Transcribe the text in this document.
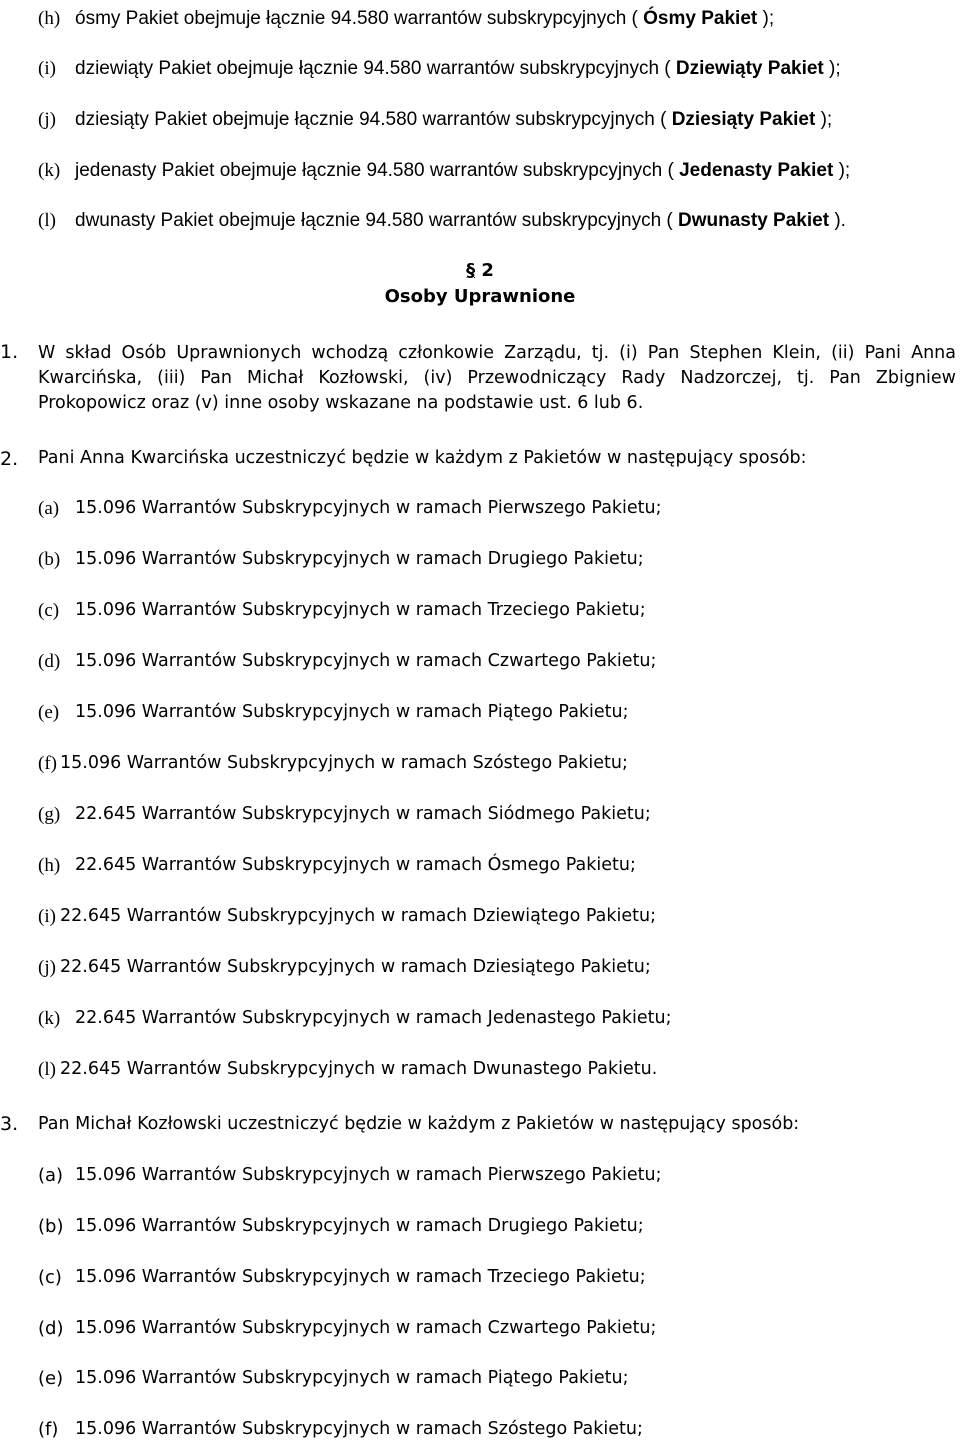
(h) ósmy Pakiet obejmuje łącznie 94.580 warrantów subskrypcyjnych ( Ósmy Pakiet );
(i) dziewiąty Pakiet obejmuje łącznie 94.580 warrantów subskrypcyjnych ( Dziewiąty Pakiet );
(j) dziesiąty Pakiet obejmuje łącznie 94.580 warrantów subskrypcyjnych ( Dziesiąty Pakiet );
(k) jedenasty Pakiet obejmuje łącznie 94.580 warrantów subskrypcyjnych ( Jedenasty Pakiet );
(l) dwunasty Pakiet obejmuje łącznie 94.580 warrantów subskrypcyjnych ( Dwunasty Pakiet ).
§ 2
Osoby Uprawnione
1. W skład Osób Uprawnionych wchodzą członkowie Zarządu, tj. (i) Pan Stephen Klein, (ii) Pani Anna Kwarcińska, (iii) Pan Michał Kozłowski, (iv) Przewodniczący Rady Nadzorczej, tj. Pan Zbigniew Prokopowicz oraz (v) inne osoby wskazane na podstawie ust. 6 lub 6.
2. Pani Anna Kwarcińska uczestniczyć będzie w każdym z Pakietów w następujący sposób:
(a) 15.096 Warrantów Subskrypcyjnych w ramach Pierwszego Pakietu;
(b) 15.096 Warrantów Subskrypcyjnych w ramach Drugiego Pakietu;
(c) 15.096 Warrantów Subskrypcyjnych w ramach Trzeciego Pakietu;
(d) 15.096 Warrantów Subskrypcyjnych w ramach Czwartego Pakietu;
(e) 15.096 Warrantów Subskrypcyjnych w ramach Piątego Pakietu;
(f) 15.096 Warrantów Subskrypcyjnych w ramach Szóstego Pakietu;
(g) 22.645 Warrantów Subskrypcyjnych w ramach Siódmego Pakietu;
(h) 22.645 Warrantów Subskrypcyjnych w ramach Ósmego Pakietu;
(i) 22.645 Warrantów Subskrypcyjnych w ramach Dziewiątego Pakietu;
(j) 22.645 Warrantów Subskrypcyjnych w ramach Dziesiątego Pakietu;
(k) 22.645 Warrantów Subskrypcyjnych w ramach Jedenastego Pakietu;
(l) 22.645 Warrantów Subskrypcyjnych w ramach Dwunastego Pakietu.
3. Pan Michał Kozłowski uczestniczyć będzie w każdym z Pakietów w następujący sposób:
(a) 15.096 Warrantów Subskrypcyjnych w ramach Pierwszego Pakietu;
(b) 15.096 Warrantów Subskrypcyjnych w ramach Drugiego Pakietu;
(c) 15.096 Warrantów Subskrypcyjnych w ramach Trzeciego Pakietu;
(d) 15.096 Warrantów Subskrypcyjnych w ramach Czwartego Pakietu;
(e) 15.096 Warrantów Subskrypcyjnych w ramach Piątego Pakietu;
(f) 15.096 Warrantów Subskrypcyjnych w ramach Szóstego Pakietu;
